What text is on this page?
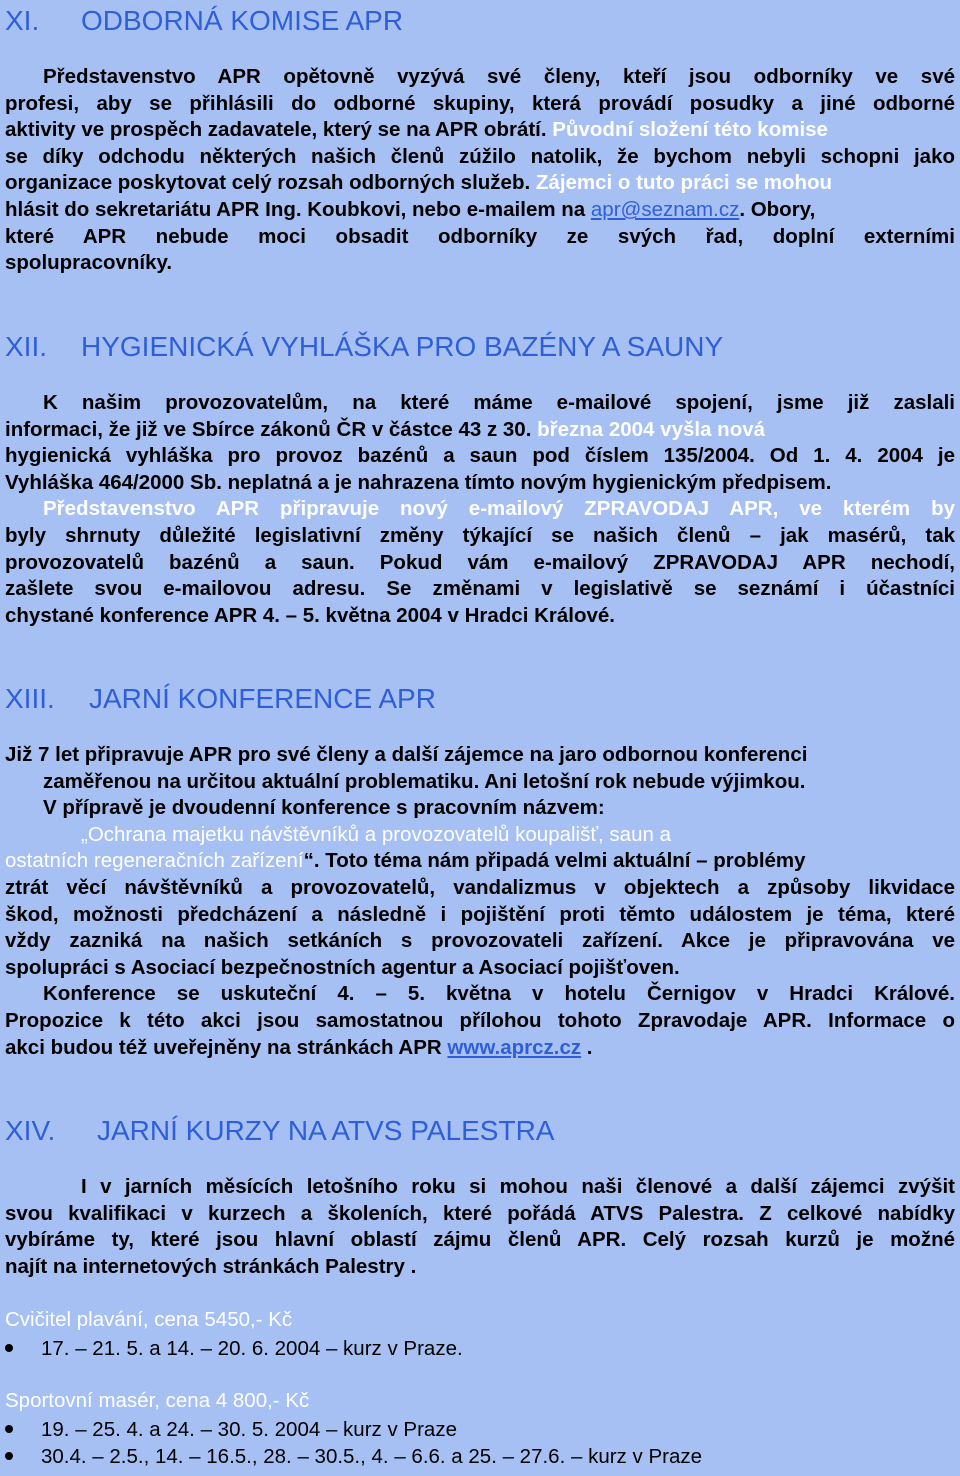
XI. ODBORNÁ KOMISE APR
Představenstvo APR opětovně vyzývá své členy, kteří jsou odborníky ve své
profesi, aby se přihlásili do odborné skupiny, která provádí posudky a jiné odborné
aktivity ve prospěch zadavatele, který se na APR obrátí. Původní složení této komise
se díky odchodu některých našich členů zúžilo natolik, že bychom nebyli schopni jako
organizace poskytovat celý rozsah odborných služeb. Zájemci o tuto práci se mohou
hlásit do sekretariátu APR Ing. Koubkovi, nebo e-mailem na apr@seznam.cz. Obory,
které APR nebude moci obsadit odborníky ze svých řad, doplní externími
spolupracovníky.
XII. HYGIENICKÁ VYHLÁŠKA PRO BAZÉNY A SAUNY
K našim provozovatelům, na které máme e-mailové spojení, jsme již zaslali
informaci, že již ve Sbírce zákonů ČR v částce 43 z 30. března 2004 vyšla nová
hygienická vyhláška pro provoz bazénů a saun pod číslem 135/2004. Od 1. 4. 2004 je
Vyhláška 464/2000 Sb. neplatná a je nahrazena tímto novým hygienickým předpisem.
Představenstvo APR připravuje nový e-mailový ZPRAVODAJ APR, ve kterém by
byly shrnuty důležité legislativní změny týkající se našich členů – jak masérů, tak
provozovatelů bazénů a saun. Pokud vám e-mailový ZPRAVODAJ APR nechodí,
zašlete svou e-mailovou adresu. Se změnami v legislativě se seznámí i účastníci
chystané konference APR 4. – 5. května 2004 v Hradci Králové.
XIII. JARNÍ KONFERENCE APR
Již 7 let připravuje APR pro své členy a další zájemce na jaro odbornou konferenci
zaměřenou na určitou aktuální problematiku. Ani letošní rok nebude výjimkou.
V přípravě je dvoudenní konference s pracovním názvem:
„Ochrana majetku návštěvníků a provozovatelů koupališť, saun a
ostatních regeneračních zařízení“. Toto téma nám připadá velmi aktuální – problémy
ztrát věcí návštěvníků a provozovatelů, vandalizmus v objektech a způsoby likvidace
škod, možnosti předcházení a následně i pojištění proti těmto událostem je téma, které
vždy zazniká na našich setkáních s provozovateli zařízení. Akce je připravována ve
spolupráci s Asociací bezpečnostních agentur a Asociací pojišťoven.
Konference se uskuteční 4. – 5. května v hotelu Černigov v Hradci Králové.
Propozice k této akci jsou samostatnou přílohou tohoto Zpravodaje APR. Informace o
akci budou též uveřejněny na stránkách APR www.aprcz.cz .
XIV. JARNÍ KURZY NA ATVS PALESTRA
I v jarních měsících letošního roku si mohou naši členové a další zájemci zvýšit
svou kvalifikaci v kurzech a školeních, které pořádá ATVS Palestra. Z celkové nabídky
vybíráme ty, které jsou hlavní oblastí zájmu členů APR. Celý rozsah kurzů je možné
najít na internetových stránkách Palestry .
Cvičitel plavání, cena 5450,- Kč
17. – 21. 5. a 14. – 20. 6. 2004 – kurz v Praze.
Sportovní masér, cena 4 800,- Kč
19. – 25. 4. a 24. – 30. 5. 2004 – kurz v Praze
30.4. – 2.5., 14. – 16.5., 28. – 30.5., 4. – 6.6. a 25. – 27.6. – kurz v Praze
